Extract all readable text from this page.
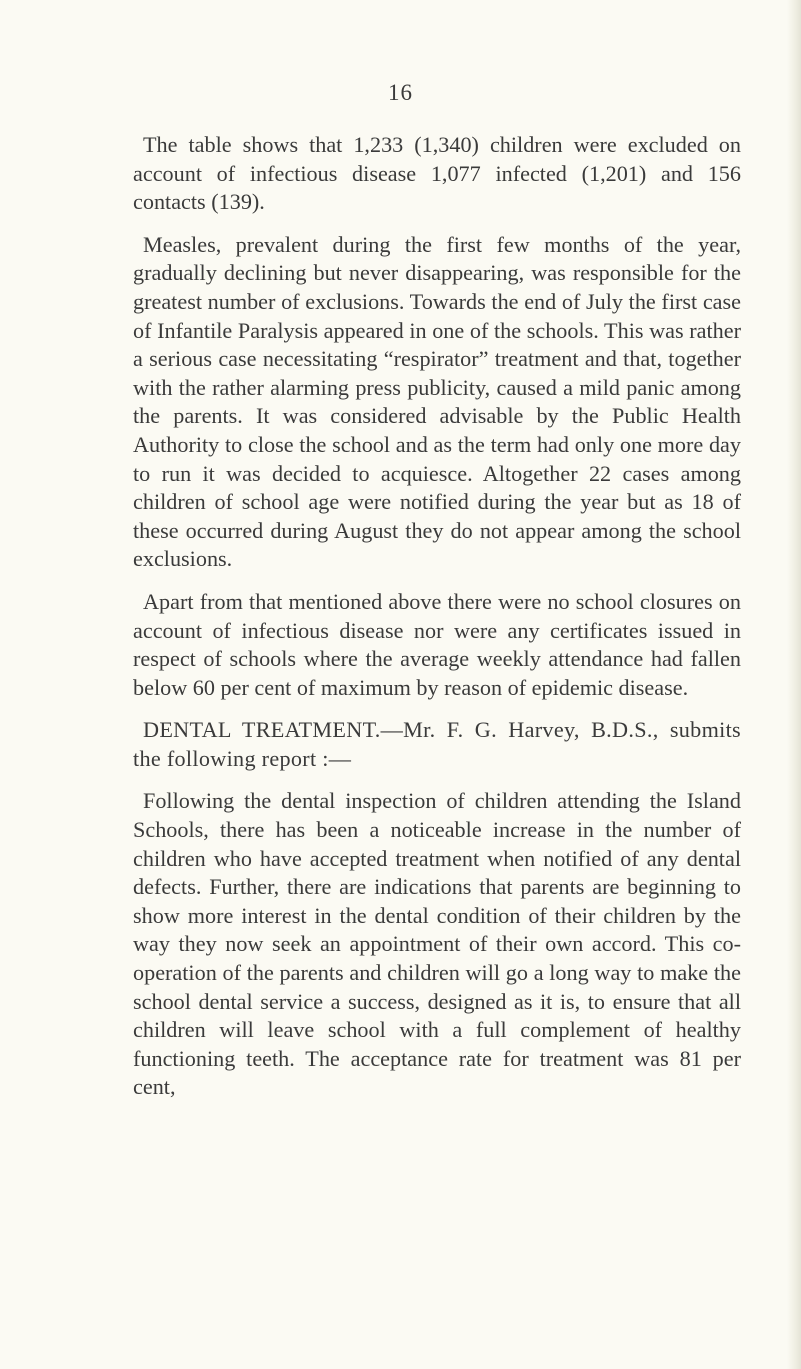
16

The table shows that 1,233 (1,340) children were excluded on account of infectious disease 1,077 infected (1,201) and 156 contacts (139).

Measles, prevalent during the first few months of the year, gradually declining but never disappearing, was responsible for the greatest number of exclusions. Towards the end of July the first case of Infantile Paralysis appeared in one of the schools. This was rather a serious case necessitating “respirator” treatment and that, together with the rather alarming press publicity, caused a mild panic among the parents. It was considered advisable by the Public Health Authority to close the school and as the term had only one more day to run it was decided to acquiesce. Altogether 22 cases among children of school age were notified during the year but as 18 of these occurred during August they do not appear among the school exclusions.

Apart from that mentioned above there were no school closures on account of infectious disease nor were any certificates issued in respect of schools where the average weekly attendance had fallen below 60 per cent of maximum by reason of epidemic disease.

DENTAL TREATMENT.—Mr. F. G. Harvey, B.D.S., submits the following report :—

Following the dental inspection of children attending the Island Schools, there has been a noticeable increase in the number of children who have accepted treatment when notified of any dental defects. Further, there are indications that parents are beginning to show more interest in the dental condition of their children by the way they now seek an appointment of their own accord. This co-operation of the parents and children will go a long way to make the school dental service a success, designed as it is, to ensure that all children will leave school with a full complement of healthy functioning teeth. The acceptance rate for treatment was 81 per cent,
